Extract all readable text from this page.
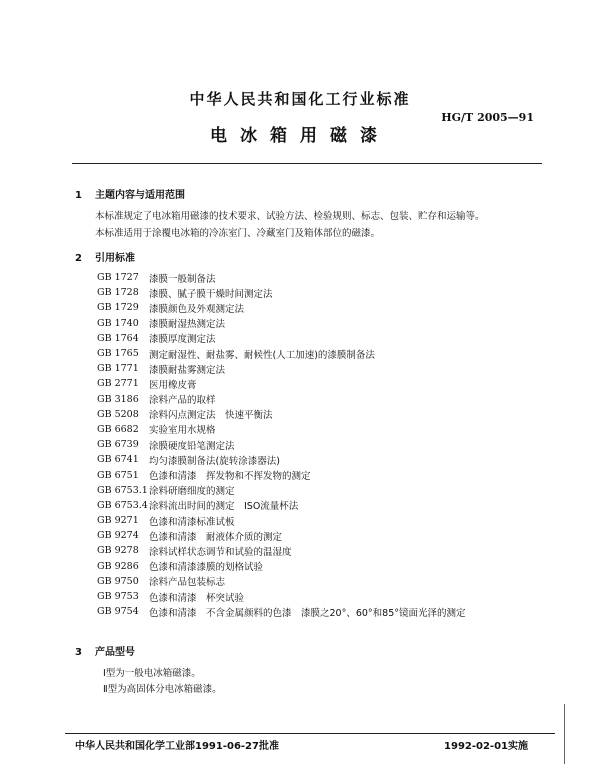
中华人民共和国化工行业标准
HG/T 2005—91
电冰箱用磁漆
1 主题内容与适用范围
本标准规定了电冰箱用磁漆的技术要求、试验方法、检验规则、标志、包装、贮存和运输等。
本标准适用于涂覆电冰箱的冷冻室门、冷藏室门及箱体部位的磁漆。
2 引用标准
GB 1727	漆膜一般制备法
GB 1728	漆膜、腻子膜干燥时间测定法
GB 1729	漆膜颜色及外观测定法
GB 1740	漆膜耐湿热测定法
GB 1764	漆膜厚度测定法
GB 1765	测定耐湿性、耐盐雾、耐候性(人工加速)的漆膜制备法
GB 1771	漆膜耐盐雾测定法
GB 2771	医用橡皮膏
GB 3186	涂料产品的取样
GB 5208	涂料闪点测定法　快速平衡法
GB 6682	实验室用水规格
GB 6739	涂膜硬度铅笔测定法
GB 6741	均匀漆膜制备法(旋转涂漆器法)
GB 6751	色漆和清漆　挥发物和不挥发物的测定
GB 6753.1 涂料研磨细度的测定
GB 6753.4 涂料流出时间的测定　ISO流量杯法
GB 9271	色漆和清漆标准试板
GB 9274	色漆和清漆　耐液体介质的测定
GB 9278	涂料试样状态调节和试验的温湿度
GB 9286	色漆和清漆漆膜的划格试验
GB 9750	涂料产品包装标志
GB 9753	色漆和清漆　杯突试验
GB 9754	色漆和清漆　不含金属颜料的色漆　漆膜之20°、60°和85°镜面光泽的测定
3 产品型号
Ⅰ型为一般电冰箱磁漆。
Ⅱ型为高固体分电冰箱磁漆。
中华人民共和国化学工业部1991-06-27批准	1992-02-01实施
